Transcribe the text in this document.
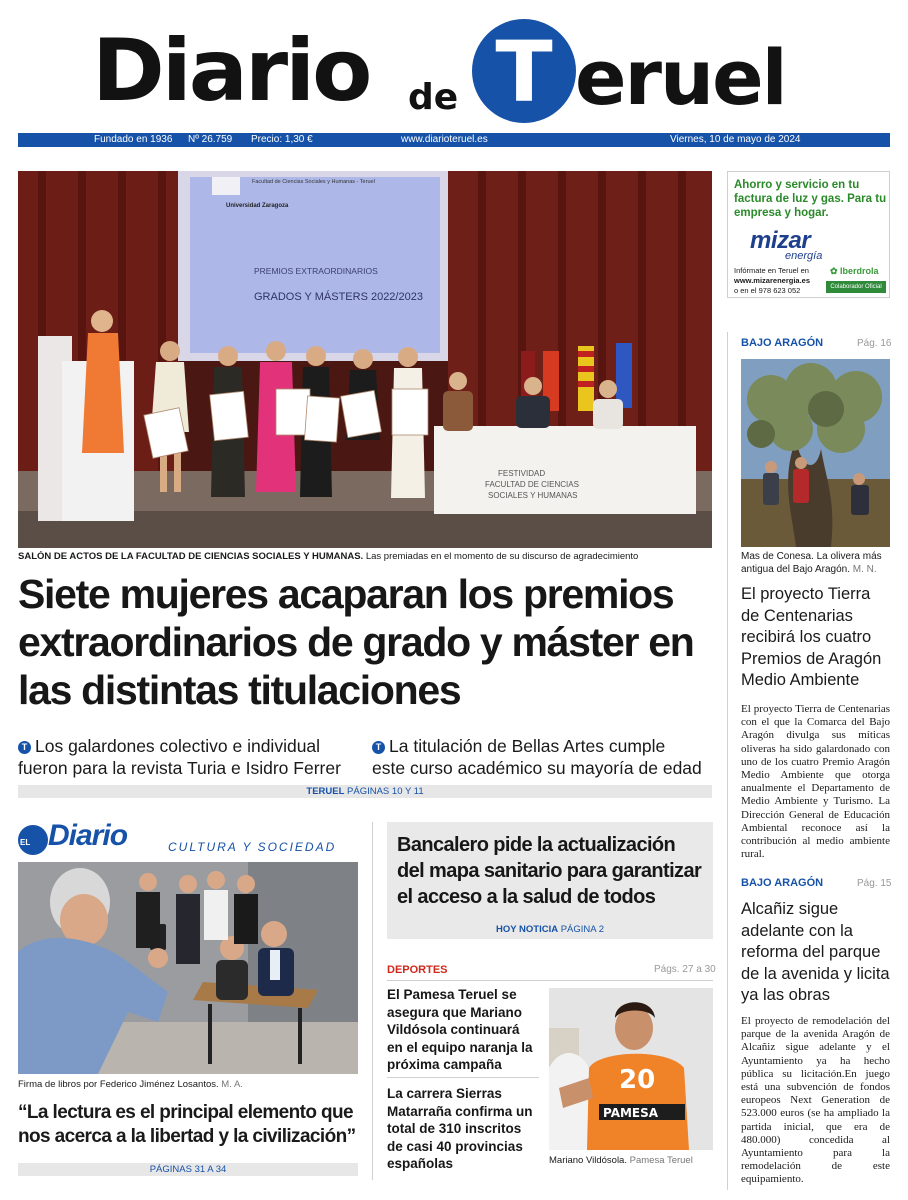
Diario de T eruel
Fundado en 1936 Nº 26.759 Precio: 1,30 €	www.diarioteruel.es	Viernes, 10 de mayo de 2024
Facultad de Ciencias Sociales y Humanas - Teruel
Universidad Zaragoza
PREMIOS EXTRAORDINARIOS
GRADOS Y MÁSTERS 2022/2023
FESTIVIDAD
FACULTAD DE CIENCIAS
SOCIALES Y HUMANAS
SALÓN DE ACTOS DE LA FACULTAD DE CIENCIAS SOCIALES Y HUMANAS. Las premiadas en el momento de su discurso de agradecimiento
Siete mujeres acaparan los premios extraordinarios de grado y máster en las distintas titulaciones
T Los galardones colectivo e individual fueron para la revista Turia e Isidro Ferrer
T La titulación de Bellas Artes cumple este curso académico su mayoría de edad
TERUEL PÁGINAS 10 Y 11
Ahorro y servicio en tu factura de luz y gas. Para tu empresa y hogar.
mizar
energía
Infórmate en Teruel en
www.mizarenergia.es
o en el 978 623 052
✿ Iberdrola
Colaborador Oficial
BAJO ARAGÓN	Pág. 16
Mas de Conesa. La olivera más antigua del Bajo Aragón. M. N.
El proyecto Tierra de Centenarias recibirá los cuatro Premios de Aragón Medio Ambiente
El proyecto Tierra de Centenarias con el que la Comarca del Bajo Aragón divulga sus míticas oliveras ha sido galardonado con uno de los cuatro Premio Aragón Medio Ambiente que otorga anualmente el Departamento de Medio Ambiente y Turismo. La Dirección General de Educación Ambiental reconoce así la contribución al medio ambiente rural.
BAJO ARAGÓN	Pág. 15
Alcañiz sigue adelante con la reforma del parque de la avenida y licita ya las obras
El proyecto de remodelación del parque de la avenida Aragón de Alcañiz sigue adelante y el Ayuntamiento ya ha hecho pública su licitación.En juego está una subvención de fondos europeos Next Generation de 523.000 euros (se ha ampliado la partida inicial, que era de 480.000) concedida al Ayuntamiento para la remodelación de este equipamiento.
EL Diario	CULTURA Y SOCIEDAD
Firma de libros por Federico Jiménez Losantos. M. A.
“La lectura es el principal elemento que nos acerca a la libertad y la civilización”
PÁGINAS 31 A 34
Bancalero pide la actualización del mapa sanitario para garantizar el acceso a la salud de todos
HOY NOTICIA PÁGINA 2
DEPORTES	Págs. 27 a 30
El Pamesa Teruel se asegura que Mariano Vildósola continuará en el equipo naranja la próxima campaña
La carrera Sierras Matarraña confirma un total de 310 inscritos de casi 40 provincias españolas
20
PAMESA
Mariano Vildósola. Pamesa Teruel
